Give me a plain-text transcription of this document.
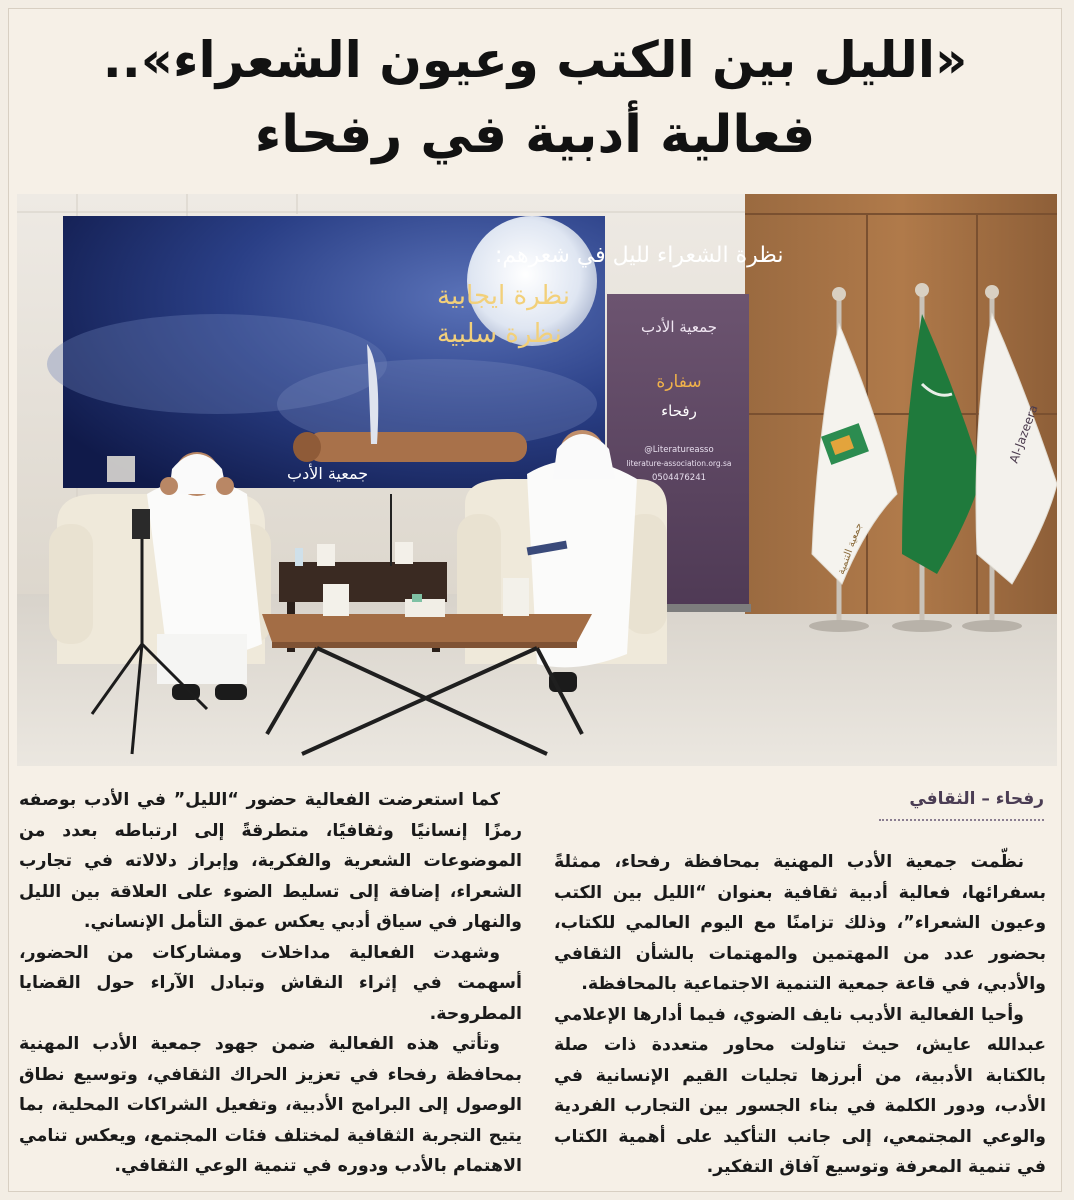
«الليل بين الكتب وعيون الشعراء»..
فعالية أدبية في رفحاء
نظرة الشعراء لليل في شعرهم:
نظرة ايجابية
نظرة سلبية
جمعية الأدب
جمعية الأدب
سفارة
رفحاء
@Literatureasso
literature-association.org.sa
0504476241
Al-Jazeera
جمعية التنمية
رفحاء – الثقافي

نظّمت جمعية الأدب المهنية بمحافظة رفحاء، ممثلةً بسفرائها، فعالية أدبية ثقافية بعنوان “الليل بين الكتب وعيون الشعراء”، وذلك تزامنًا مع اليوم العالمي للكتاب، بحضور عدد من المهتمين والمهتمات بالشأن الثقافي والأدبي، في قاعة جمعية التنمية الاجتماعية بالمحافظة.

وأحيا الفعالية الأديب نايف الضوي، فيما أدارها الإعلامي عبدالله عايش، حيث تناولت محاور متعددة ذات صلة بالكتابة الأدبية، من أبرزها تجليات القيم الإنسانية في الأدب، ودور الكلمة في بناء الجسور بين التجارب الفردية والوعي المجتمعي، إلى جانب التأكيد على أهمية الكتاب في تنمية المعرفة وتوسيع آفاق التفكير.

كما استعرضت الفعالية حضور “الليل” في الأدب بوصفه رمزًا إنسانيًا وثقافيًا، متطرقةً إلى ارتباطه بعدد من الموضوعات الشعرية والفكرية، وإبراز دلالاته في تجارب الشعراء، إضافة إلى تسليط الضوء على العلاقة بين الليل والنهار في سياق أدبي يعكس عمق التأمل الإنساني.

وشهدت الفعالية مداخلات ومشاركات من الحضور، أسهمت في إثراء النقاش وتبادل الآراء حول القضايا المطروحة.

وتأتي هذه الفعالية ضمن جهود جمعية الأدب المهنية بمحافظة رفحاء في تعزيز الحراك الثقافي، وتوسيع نطاق الوصول إلى البرامج الأدبية، وتفعيل الشراكات المحلية، بما يتيح التجربة الثقافية لمختلف فئات المجتمع، ويعكس تنامي الاهتمام بالأدب ودوره في تنمية الوعي الثقافي.
